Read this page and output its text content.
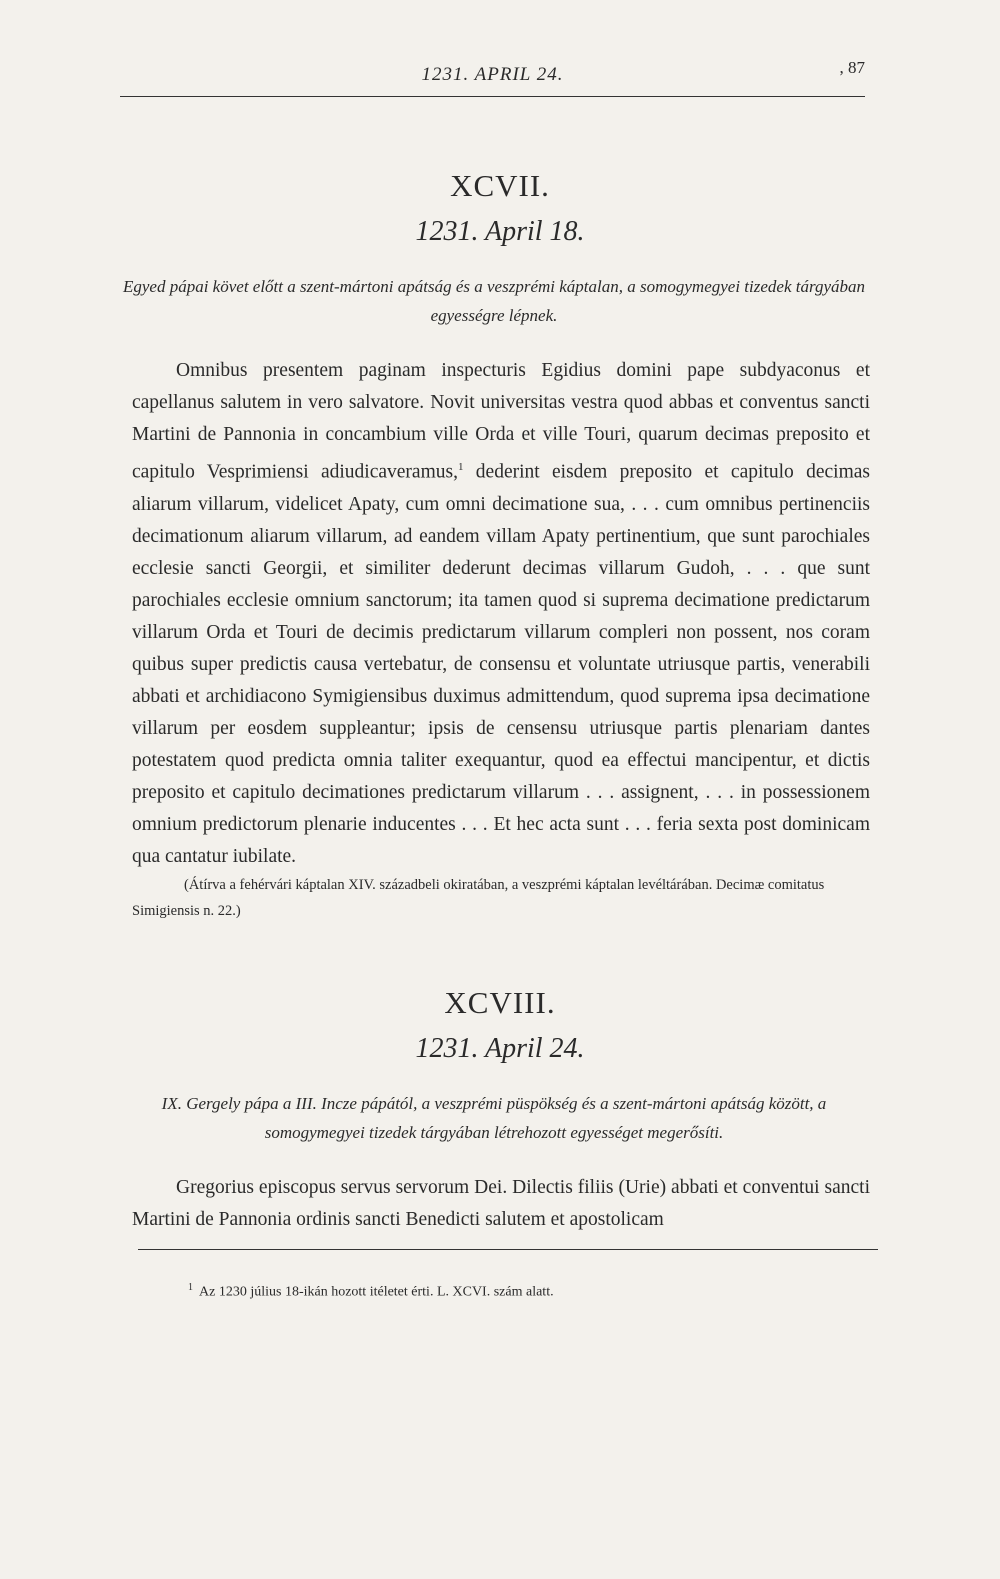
1231. APRIL 24.	, 87
XCVII.
1231. April 18.
Egyed pápai követ előtt a szent-mártoni apátság és a veszprémi káptalan, a somogymegyei tizedek tárgyában egyességre lépnek.
Omnibus presentem paginam inspecturis Egidius domini pape subdyaconus et capellanus salutem in vero salvatore. Novit universitas vestra quod abbas et conventus sancti Martini de Pannonia in concambium ville Orda et ville Touri, quarum decimas preposito et capitulo Vesprimiensi adiudicaveramus,$^1$ dederint eisdem preposito et capitulo decimas aliarum villarum, videlicet Apaty, cum omni decimatione sua, . . . cum omnibus pertinenciis decimationum aliarum villarum, ad eandem villam Apaty pertinentium, que sunt parochiales ecclesie sancti Georgii, et similiter dederunt decimas villarum Gudoh, . . . que sunt parochiales ecclesie omnium sanctorum; ita tamen quod si suprema decimatione predictarum villarum Orda et Touri de decimis predictarum villarum compleri non possent, nos coram quibus super predictis causa vertebatur, de consensu et voluntate utriusque partis, venerabili abbati et archidiacono Symigiensibus duximus admittendum, quod suprema ipsa decimatione villarum per eosdem suppleantur; ipsis de censensu utriusque partis plenariam dantes potestatem quod predicta omnia taliter exequantur, quod ea effectui mancipentur, et dictis preposito et capitulo decimationes predictarum villarum . . . assignent, . . . in possessionem omnium predictorum plenarie inducentes . . . Et hec acta sunt . . . feria sexta post dominicam qua cantatur iubilate.
(Átírva a fehérvári káptalan XIV. századbeli okiratában, a veszprémi káptalan levéltárában. Decimæ comitatus Simigiensis n. 22.)
XCVIII.
1231. April 24.
IX. Gergely pápa a III. Incze pápától, a veszprémi püspökség és a szent-mártoni apátság között, a somogymegyei tizedek tárgyában létrehozott egyességet megerősíti.
Gregorius episcopus servus servorum Dei. Dilectis filiis (Urie) abbati et conventui sancti Martini de Pannonia ordinis sancti Benedicti salutem et apostolicam
$^1$ Az 1230 július 18-ikán hozott itéletet érti. L. XCVI. szám alatt.
